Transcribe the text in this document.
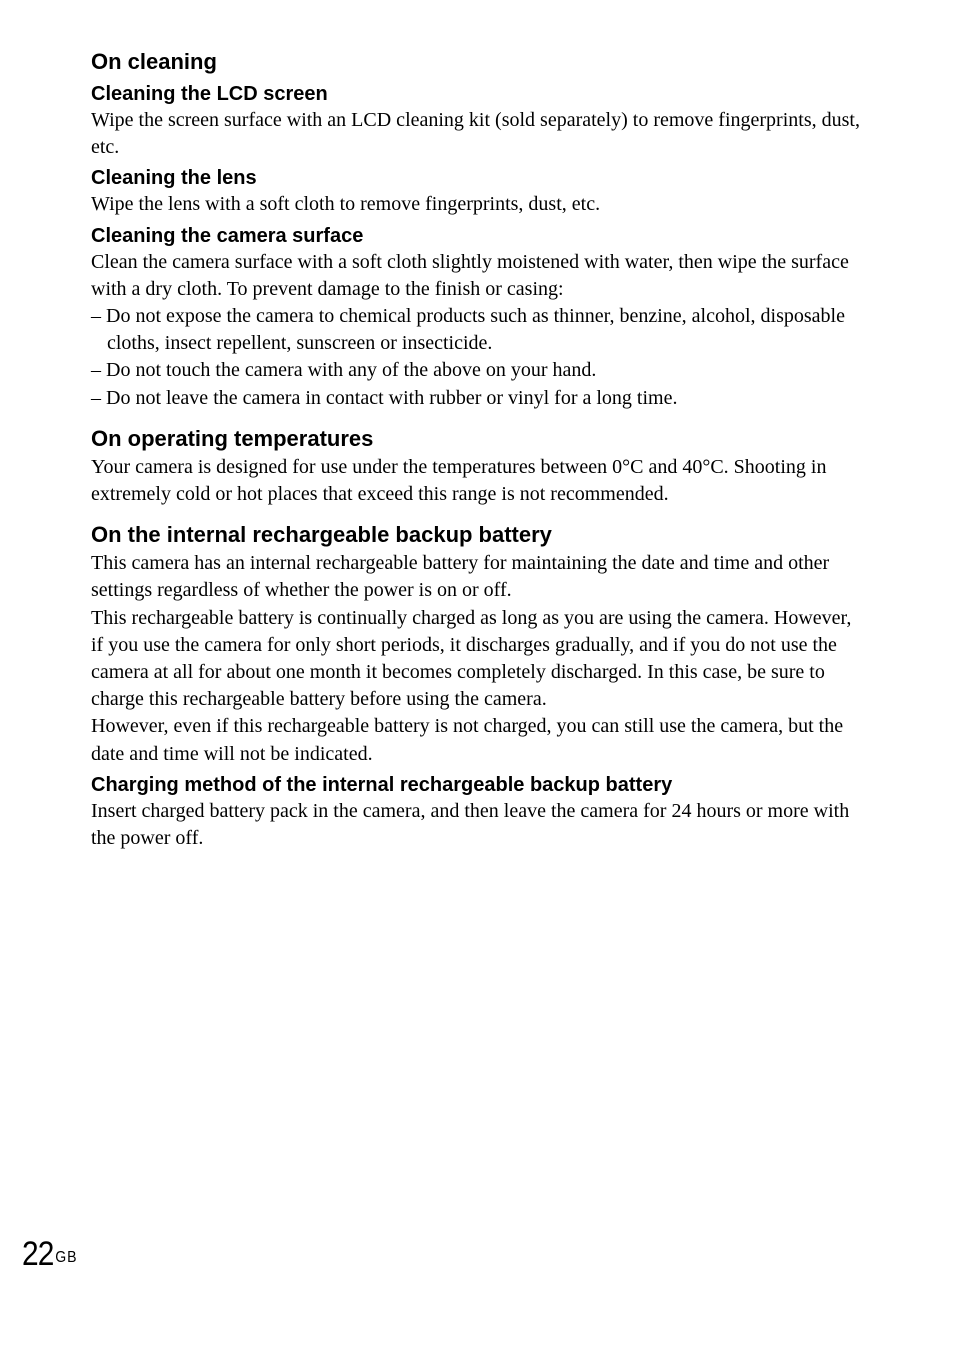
On cleaning
Cleaning the LCD screen

Wipe the screen surface with an LCD cleaning kit (sold separately) to remove fingerprints, dust, etc.

Cleaning the lens

Wipe the lens with a soft cloth to remove fingerprints, dust, etc.

Cleaning the camera surface

Clean the camera surface with a soft cloth slightly moistened with water, then wipe the surface with a dry cloth. To prevent damage to the finish or casing:

– Do not expose the camera to chemical products such as thinner, benzine, alcohol, disposable cloths, insect repellent, sunscreen or insecticide.

– Do not touch the camera with any of the above on your hand.

– Do not leave the camera in contact with rubber or vinyl for a long time.

On operating temperatures

Your camera is designed for use under the temperatures between 0°C and 40°C. Shooting in extremely cold or hot places that exceed this range is not recommended.

On the internal rechargeable backup battery

This camera has an internal rechargeable battery for maintaining the date and time and other settings regardless of whether the power is on or off.

This rechargeable battery is continually charged as long as you are using the camera. However, if you use the camera for only short periods, it discharges gradually, and if you do not use the camera at all for about one month it becomes completely discharged. In this case, be sure to charge this rechargeable battery before using the camera.

However, even if this rechargeable battery is not charged, you can still use the camera, but the date and time will not be indicated.

Charging method of the internal rechargeable backup battery

Insert charged battery pack in the camera, and then leave the camera for 24 hours or more with the power off.

22 $^{GB}$
